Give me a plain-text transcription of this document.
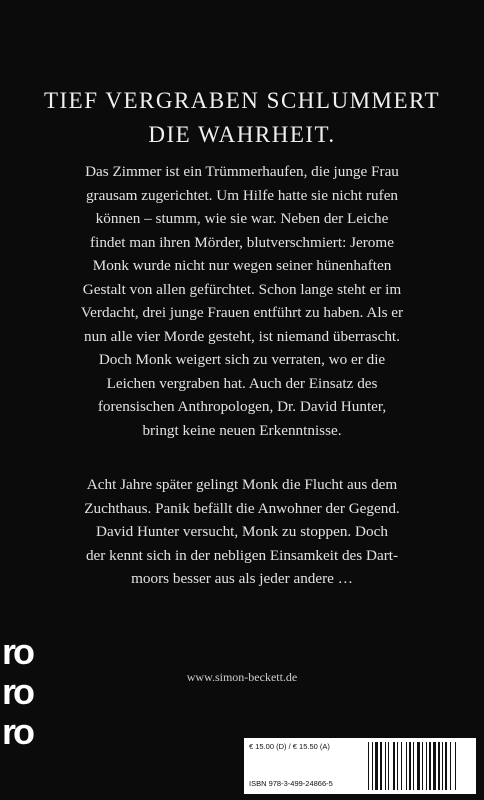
TIEF VERGRABEN SCHLUMMERT
DIE WAHRHEIT.
Das Zimmer ist ein Trümmerhaufen, die junge Frau
grausam zugerichtet. Um Hilfe hatte sie nicht rufen
können – stumm, wie sie war. Neben der Leiche
findet man ihren Mörder, blutverschmiert: Jerome
Monk wurde nicht nur wegen seiner hünenhaften
Gestalt von allen gefürchtet. Schon lange steht er im
Verdacht, drei junge Frauen entführt zu haben. Als er
nun alle vier Morde gesteht, ist niemand überrascht.
Doch Monk weigert sich zu verraten, wo er die
Leichen vergraben hat. Auch der Einsatz des
forensischen Anthropologen, Dr. David Hunter,
bringt keine neuen Erkenntnisse.
Acht Jahre später gelingt Monk die Flucht aus dem
Zuchthaus. Panik befällt die Anwohner der Gegend.
David Hunter versucht, Monk zu stoppen. Doch
der kennt sich in der nebligen Einsamkeit des Dart-
moors besser aus als jeder andere …
www.simon-beckett.de
ro
ro
ro	€ 15.00 (D) / € 15.50 (A)
ISBN 978-3-499-24866-5
